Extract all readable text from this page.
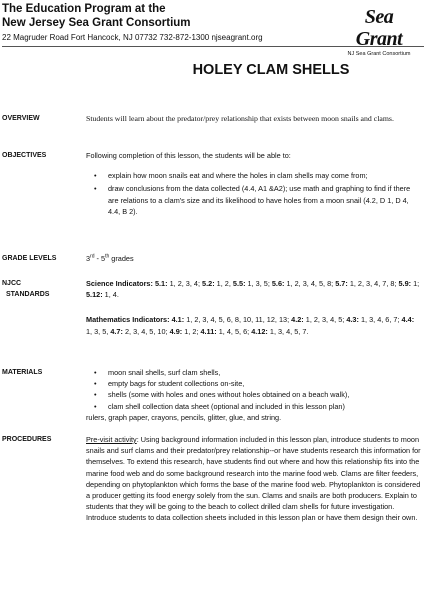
The Education Program at the
New Jersey Sea Grant Consortium
22 Magruder Road Fort Hancock, NJ 07732 732-872-1300 njseagrant.org
Sea Grant
NJ Sea Grant Consortium
HOLEY CLAM SHELLS
OVERVIEW	Students will learn about the predator/prey relationship that exists between moon snails and clams.
OBJECTIVES	Following completion of this lesson, the students will be able to:

• explain how moon snails eat and where the holes in clam shells may come from;
• draw conclusions from the data collected (4.4, A1 &A2); use math and graphing to find if there are relations to a clam's size and its likelihood to have holes from a moon snail (4.2, D 1, D 4, 4.4, B 2).
GRADE LEVELS	3rd - 5th grades
NJCC
STANDARDS

Science Indicators: 5.1: 1, 2, 3, 4; 5.2: 1, 2, 5.5: 1, 3, 5; 5.6: 1, 2, 3, 4, 5, 8; 5.7: 1, 2, 3, 4, 7, 8; 5.9: 1; 5.12: 1, 4.

Mathematics Indicators: 4.1: 1, 2, 3, 4, 5, 6, 8, 10, 11, 12, 13; 4.2: 1, 2, 3, 4, 5; 4.3: 1, 3, 4, 6, 7; 4.4: 1, 3, 5, 4.7: 2, 3, 4, 5, 10; 4.9: 1, 2; 4.11: 1, 4, 5, 6; 4.12: 1, 3, 4, 5, 7.

MATERIALS
•	moon snail shells, surf clam shells,
• empty bags for student collections on-site,
• shells (some with holes and ones without holes obtained on a beach walk),
• clam shell collection data sheet (optional and included in this lesson plan)

rulers, graph paper, crayons, pencils, glitter, glue, and string.

PROCEDURES	Pre-visit activity: Using background information included in this lesson plan, introduce students to moon snails and surf clams and their predator/prey relationship--or have students research this information for themselves. To extend this research, have students find out where and how this relationship fits into the marine food web and do some background research into the marine food web. Clams are filter feeders, depending on phytoplankton which forms the base of the marine food web. Phytoplankton is considered a producer getting its food energy solely from the sun. Clams and snails are both producers. Explain to students that they will be going to the beach to collect drilled clam shells for future investigation. Introduce students to data collection sheets included in this lesson plan or have them design their own.
